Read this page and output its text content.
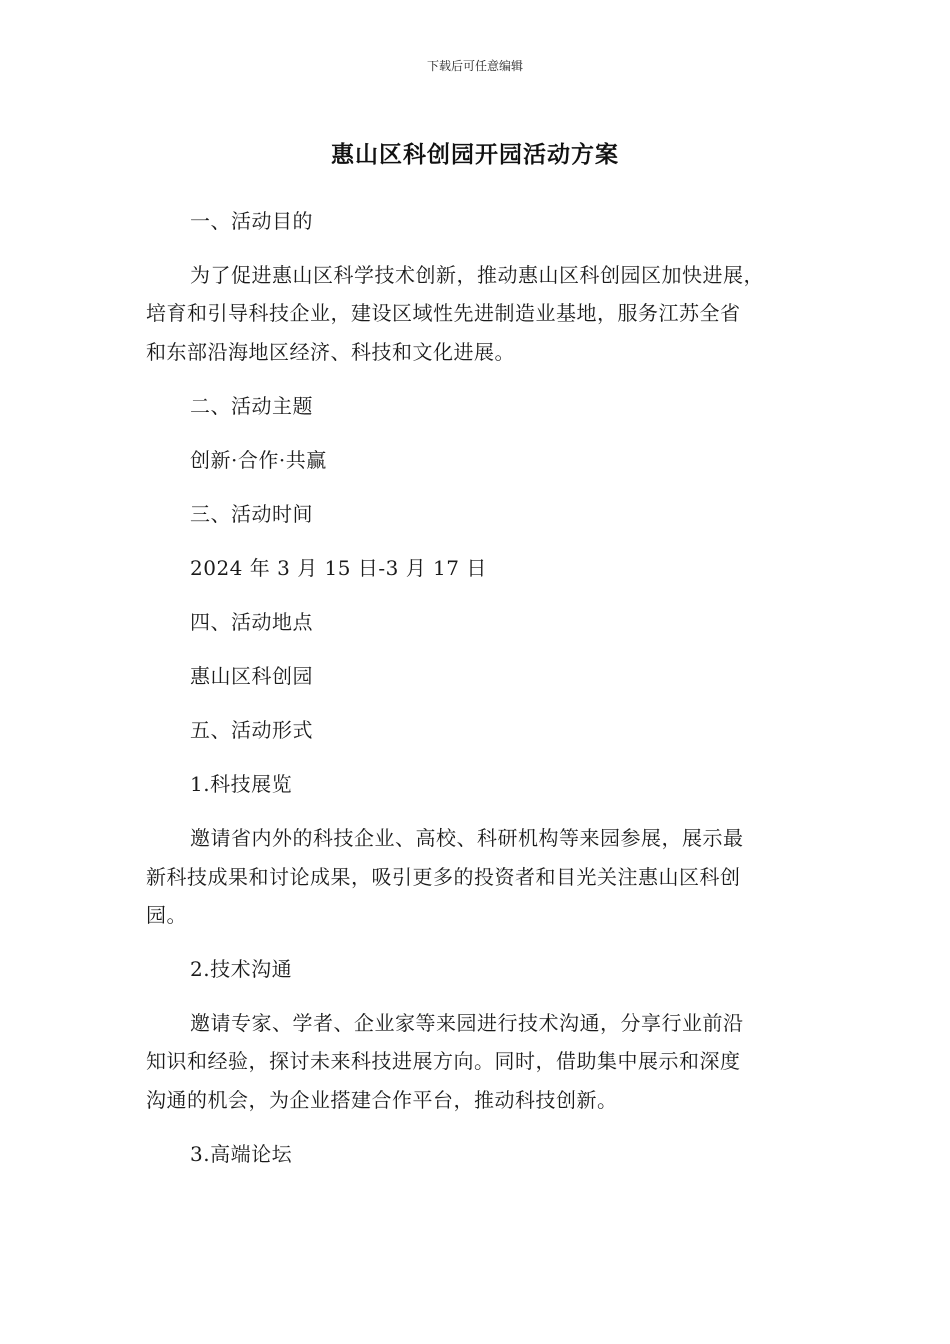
下载后可任意编辑
惠山区科创园开园活动方案
一、活动目的
为了促进惠山区科学技术创新，推动惠山区科创园区加快进展，
培育和引导科技企业，建设区域性先进制造业基地，服务江苏全省
和东部沿海地区经济、科技和文化进展。
二、活动主题
创新·合作·共赢
三、活动时间
2024 年 3 月 15 日-3 月 17 日
四、活动地点
惠山区科创园
五、活动形式
1.科技展览
邀请省内外的科技企业、高校、科研机构等来园参展，展示最
新科技成果和讨论成果，吸引更多的投资者和目光关注惠山区科创
园。
2.技术沟通
邀请专家、学者、企业家等来园进行技术沟通，分享行业前沿
知识和经验，探讨未来科技进展方向。同时，借助集中展示和深度
沟通的机会，为企业搭建合作平台，推动科技创新。
3.高端论坛
